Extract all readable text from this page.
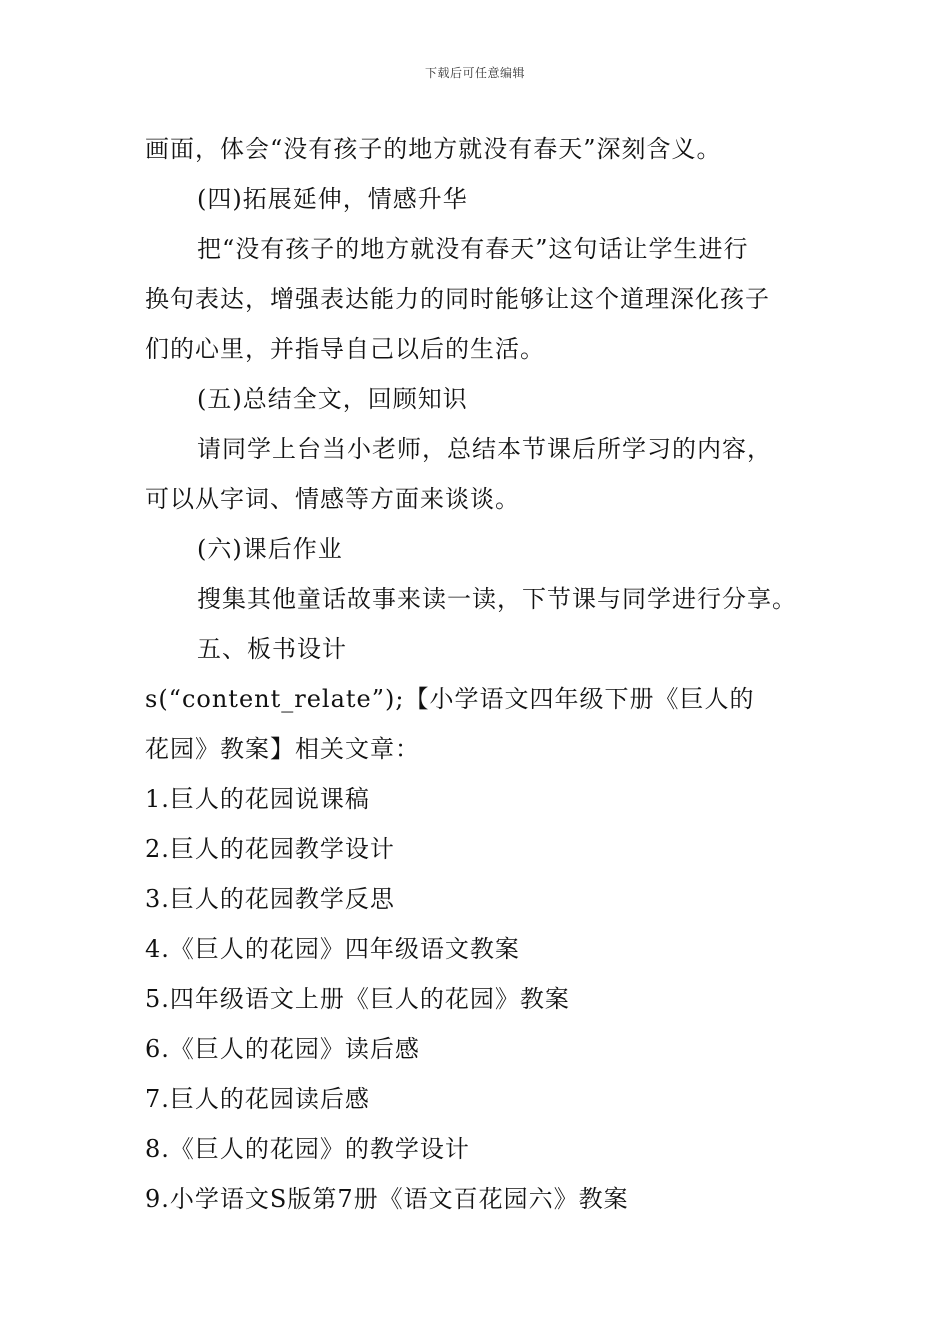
下载后可任意编辑
画面，体会“没有孩子的地方就没有春天”深刻含义。
(四)拓展延伸，情感升华
把“没有孩子的地方就没有春天”这句话让学生进行
换句表达，增强表达能力的同时能够让这个道理深化孩子
们的心里，并指导自己以后的生活。
(五)总结全文，回顾知识
请同学上台当小老师，总结本节课后所学习的内容，
可以从字词、情感等方面来谈谈。
(六)课后作业
搜集其他童话故事来读一读，下节课与同学进行分享。
五、板书设计
s(“content_relate”);【小学语文四年级下册《巨人的
花园》教案】相关文章：
1.巨人的花园说课稿
2.巨人的花园教学设计
3.巨人的花园教学反思
4.《巨人的花园》四年级语文教案
5.四年级语文上册《巨人的花园》教案
6.《巨人的花园》读后感
7.巨人的花园读后感
8.《巨人的花园》的教学设计
9.小学语文S版第7册《语文百花园六》教案
